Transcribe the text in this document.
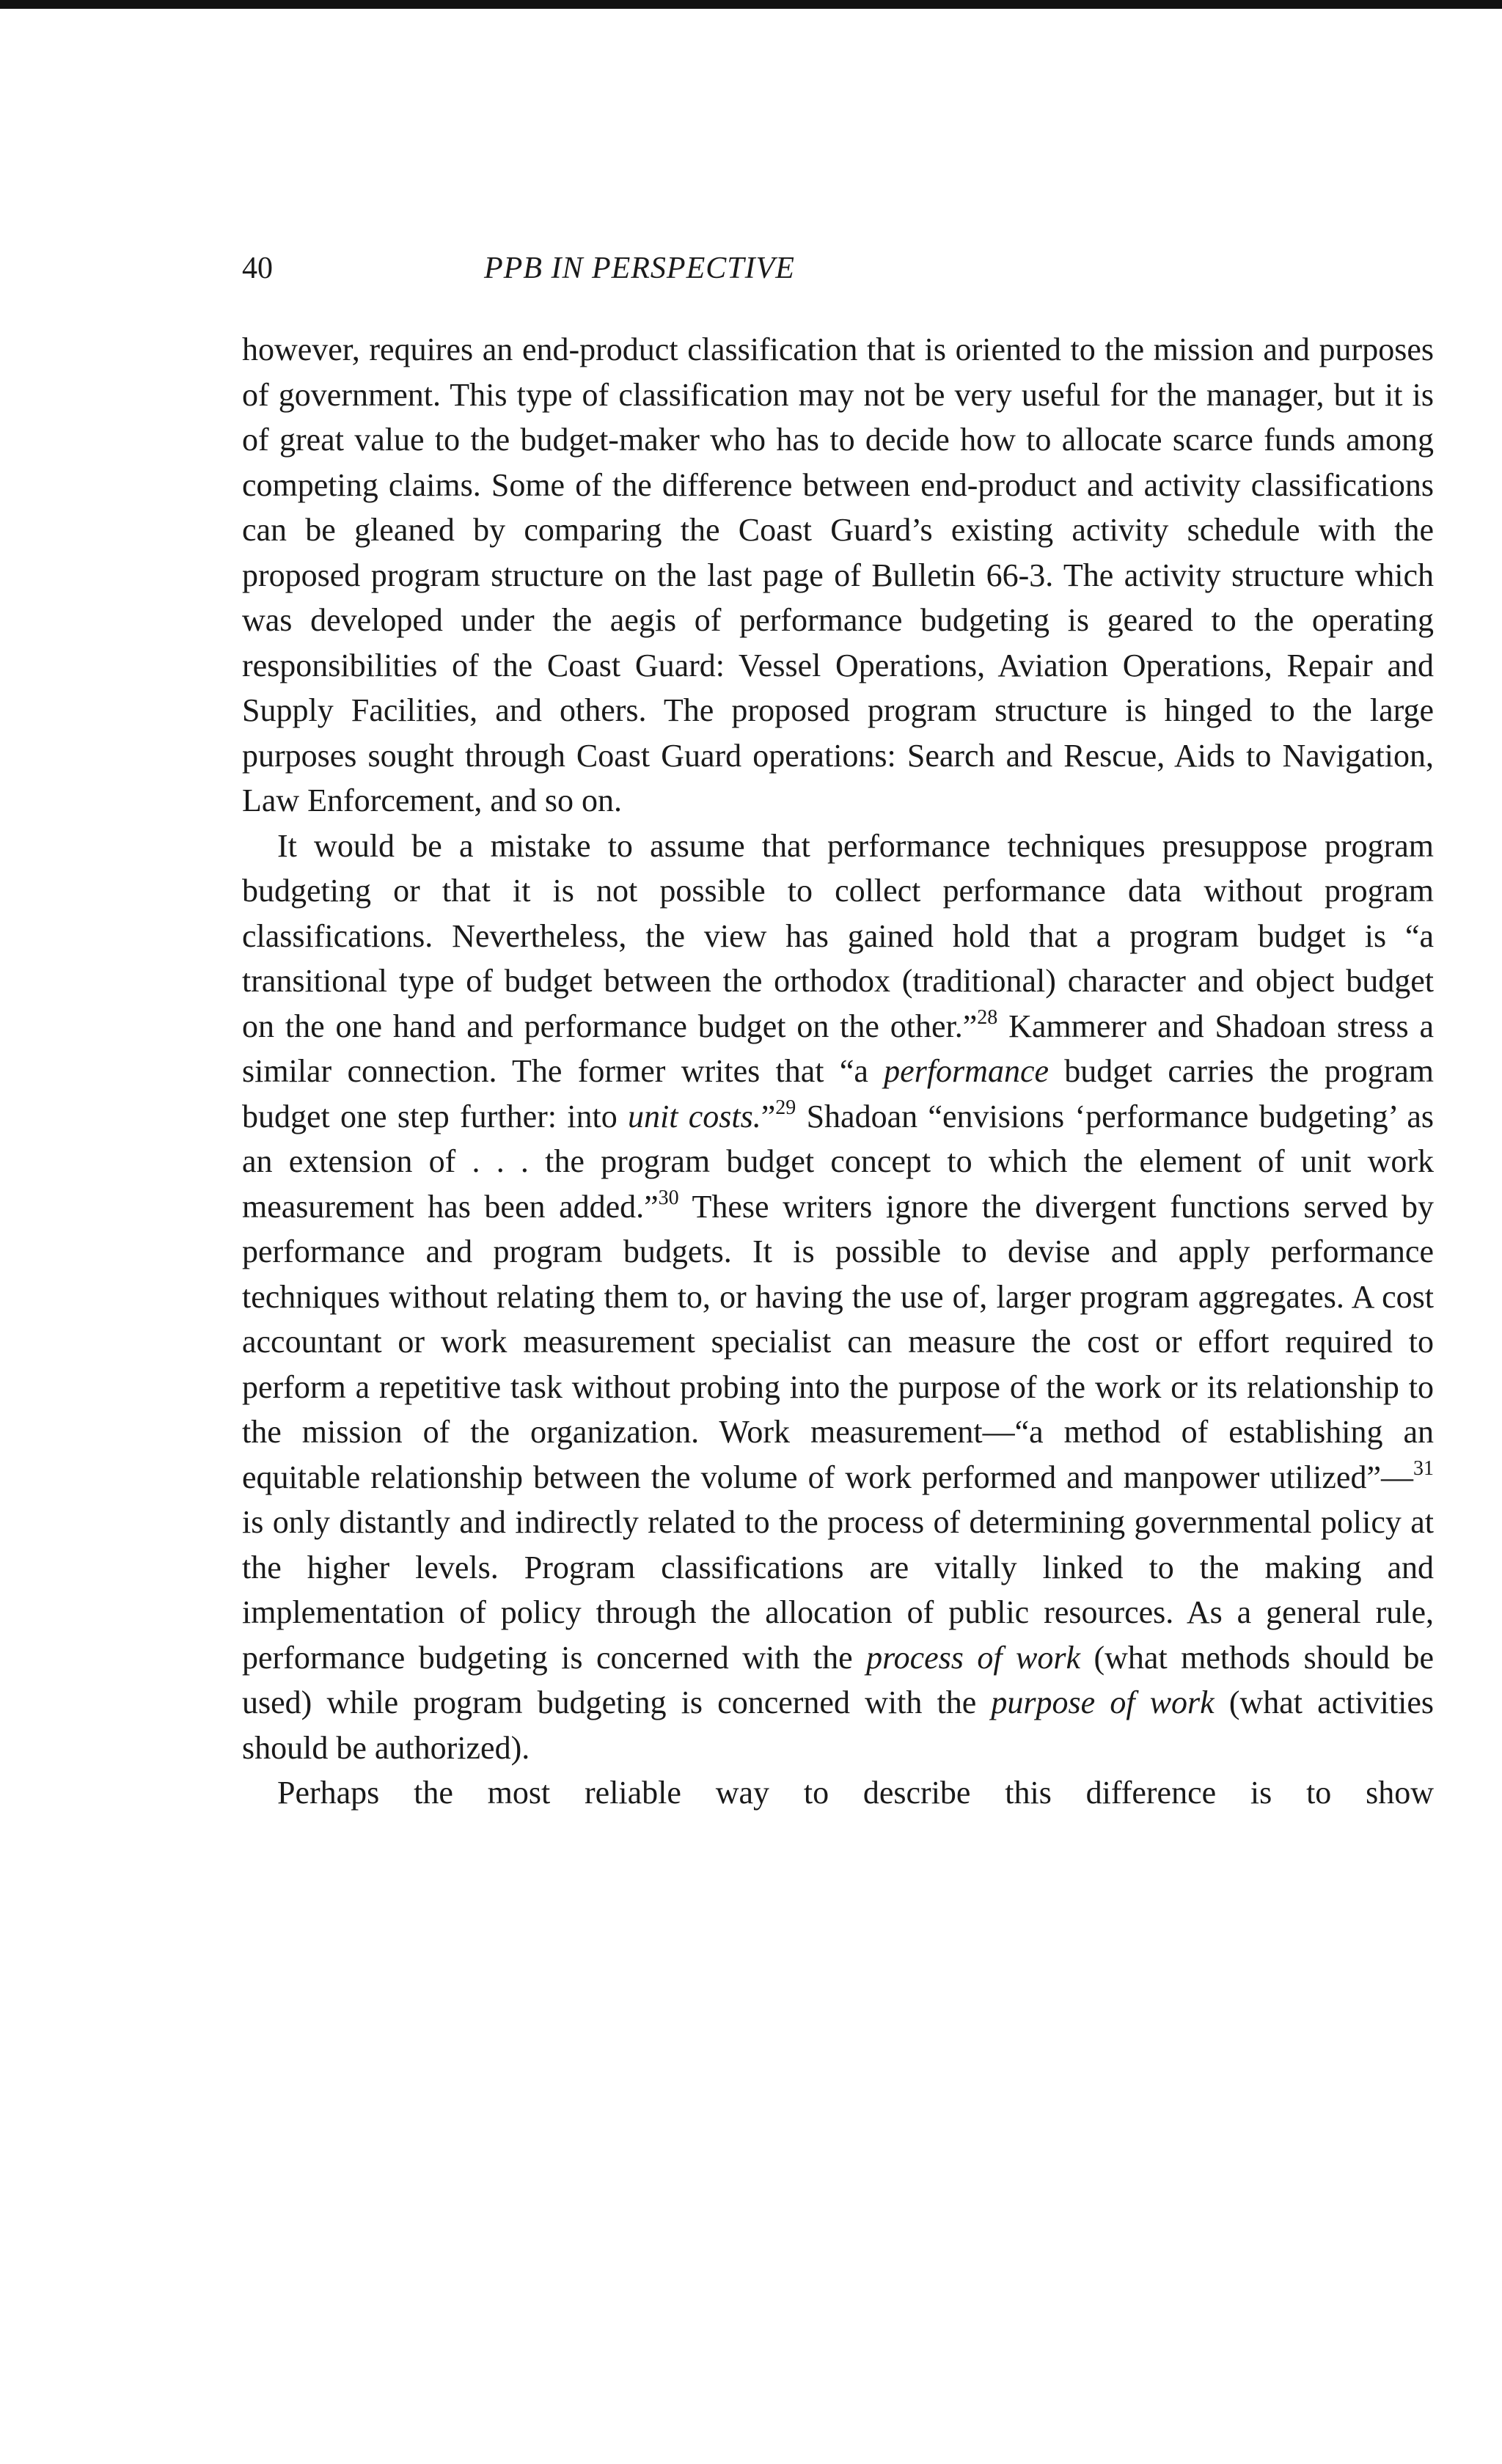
40	PPB IN PERSPECTIVE

however, requires an end-product classification that is oriented to the mission and purposes of government. This type of classification may not be very useful for the manager, but it is of great value to the budget-maker who has to decide how to allocate scarce funds among competing claims. Some of the difference between end-product and activity classifications can be gleaned by comparing the Coast Guard’s existing activity schedule with the proposed program structure on the last page of Bulletin 66-3. The activity structure which was developed under the aegis of performance budgeting is geared to the operating responsibilities of the Coast Guard: Vessel Operations, Aviation Operations, Repair and Supply Facilities, and others. The proposed program structure is hinged to the large purposes sought through Coast Guard operations: Search and Rescue, Aids to Navigation, Law Enforcement, and so on.

It would be a mistake to assume that performance techniques presuppose program budgeting or that it is not possible to collect performance data without program classifications. Nevertheless, the view has gained hold that a program budget is “a transitional type of budget between the orthodox (traditional) character and object budget on the one hand and performance budget on the other.”$^{28}$ Kammerer and Shadoan stress a similar connection. The former writes that “a performance budget carries the program budget one step further: into unit costs.”$^{29}$ Shadoan “envisions ‘performance budgeting’ as an extension of . . . the program budget concept to which the element of unit work measurement has been added.”$^{30}$ These writers ignore the divergent functions served by performance and program budgets. It is possible to devise and apply performance techniques without relating them to, or having the use of, larger program aggregates. A cost accountant or work measurement specialist can measure the cost or effort required to perform a repetitive task without probing into the purpose of the work or its relationship to the mission of the organization. Work measurement—“a method of establishing an equitable relationship between the volume of work performed and manpower utilized”—$^{31}$ is only distantly and indirectly related to the process of determining governmental policy at the higher levels. Program classifications are vitally linked to the making and implementation of policy through the allocation of public resources. As a general rule, performance budgeting is concerned with the process of work (what methods should be used) while program budgeting is concerned with the purpose of work (what activities should be authorized).

Perhaps the most reliable way to describe this difference is to show
